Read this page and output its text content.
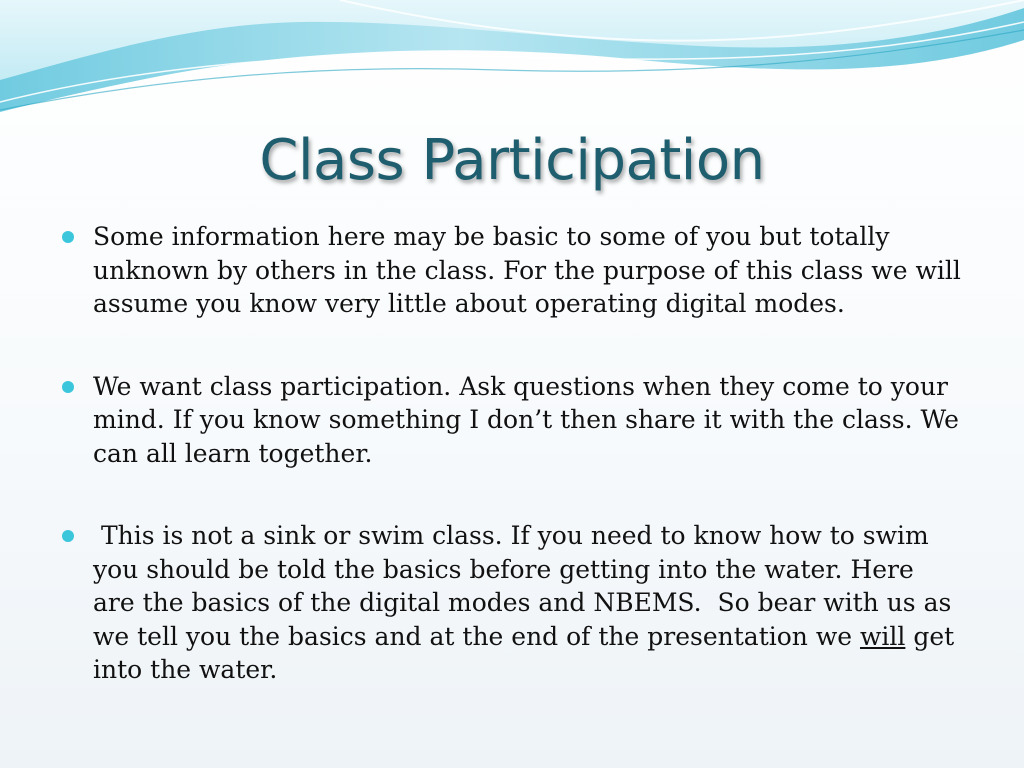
Class Participation
Some information here may be basic to some of you but totally unknown by others in the class. For the purpose of this class we will assume you know very little about operating digital modes.
We want class participation. Ask questions when they come to your mind. If you know something I don’t then share it with the class. We can all learn together.
This is not a sink or swim class. If you need to know how to swim you should be told the basics before getting into the water. Here are the basics of the digital modes and NBEMS.  So bear with us as we tell you the basics and at the end of the presentation we will get into the water.
